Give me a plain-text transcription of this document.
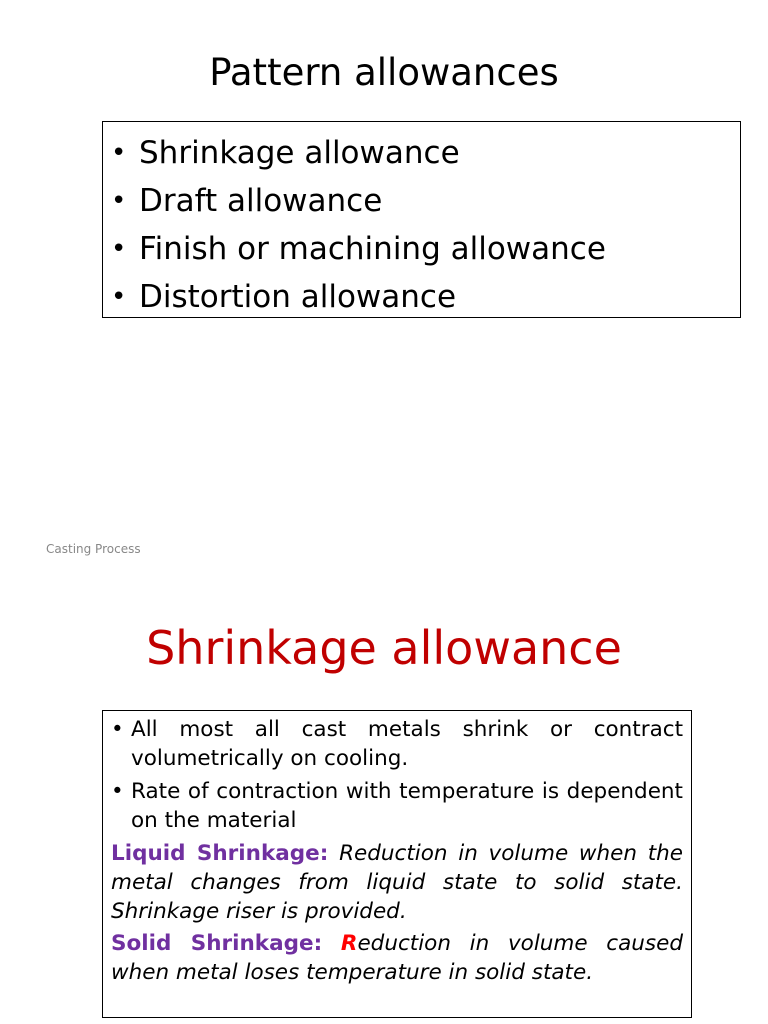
Pattern allowances
• Shrinkage allowance
• Draft allowance
• Finish or machining allowance
• Distortion allowance
Casting Process
Shrinkage allowance
• All most all cast metals shrink or contract volumetrically on cooling.
• Rate of contraction with temperature is dependent on the material

Liquid Shrinkage: Reduction in volume when the metal changes from liquid state to solid state. Shrinkage riser is provided.

Solid Shrinkage: Reduction in volume caused when metal loses temperature in solid state.
